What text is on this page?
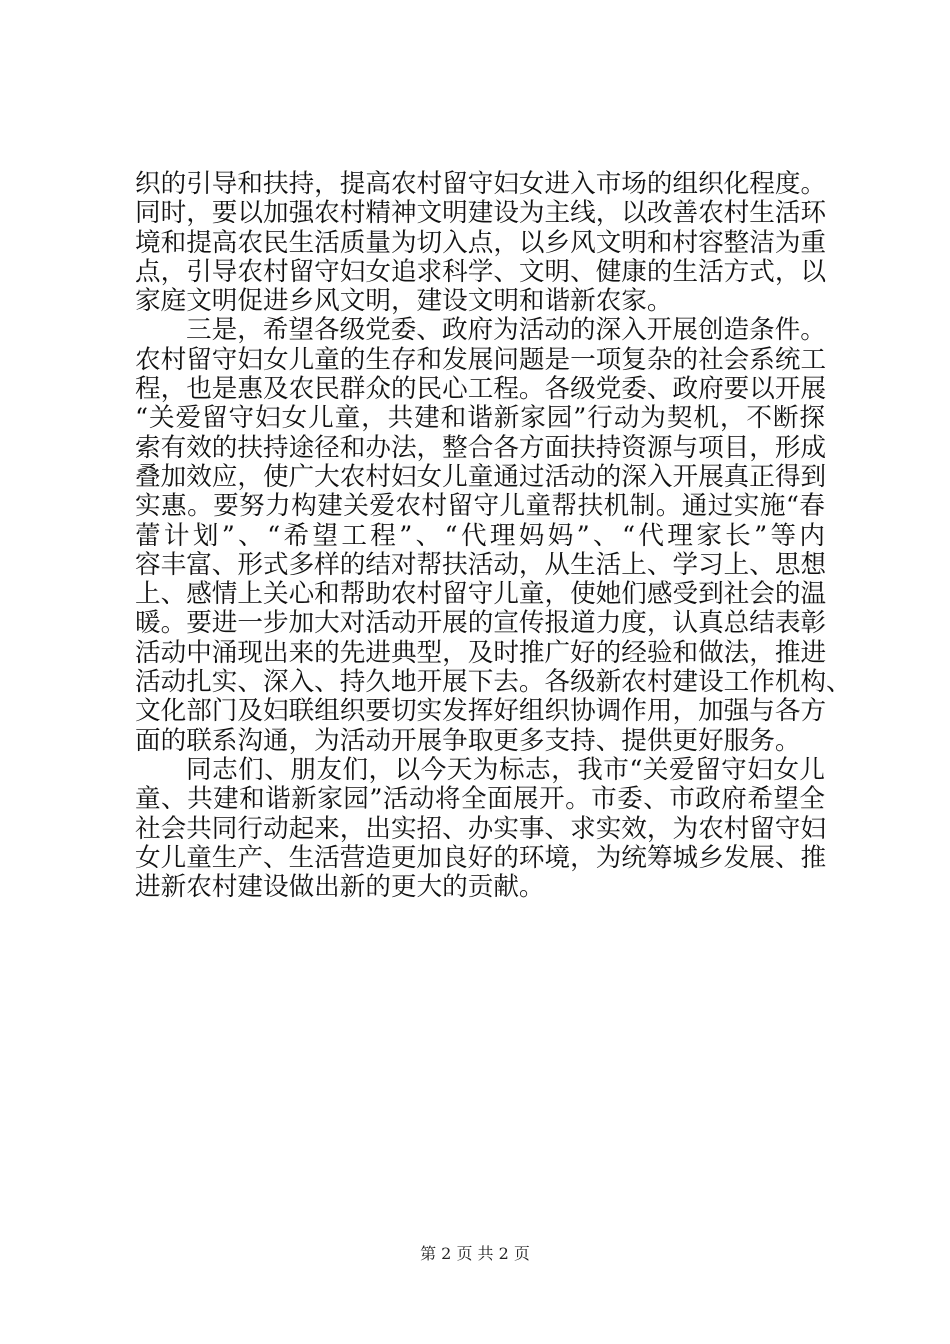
织的引导和扶持，提高农村留守妇女进入市场的组织化程度。
同时，要以加强农村精神文明建设为主线，以改善农村生活环
境和提高农民生活质量为切入点，以乡风文明和村容整洁为重
点，引导农村留守妇女追求科学、文明、健康的生活方式，以
家庭文明促进乡风文明，建设文明和谐新农家。
三是，希望各级党委、政府为活动的深入开展创造条件。
农村留守妇女儿童的生存和发展问题是一项复杂的社会系统工
程，也是惠及农民群众的民心工程。各级党委、政府要以开展
“关爱留守妇女儿童，共建和谐新家园”行动为契机，不断探
索有效的扶持途径和办法，整合各方面扶持资源与项目，形成
叠加效应，使广大农村妇女儿童通过活动的深入开展真正得到
实惠。要努力构建关爱农村留守儿童帮扶机制。通过实施“春
蕾计划”、“希望工程”、“代理妈妈”、“代理家长”等内
容丰富、形式多样的结对帮扶活动，从生活上、学习上、思想
上、感情上关心和帮助农村留守儿童，使她们感受到社会的温
暖。要进一步加大对活动开展的宣传报道力度，认真总结表彰
活动中涌现出来的先进典型，及时推广好的经验和做法，推进
活动扎实、深入、持久地开展下去。各级新农村建设工作机构、
文化部门及妇联组织要切实发挥好组织协调作用，加强与各方
面的联系沟通，为活动开展争取更多支持、提供更好服务。
同志们、朋友们，以今天为标志，我市“关爱留守妇女儿
童、共建和谐新家园”活动将全面展开。市委、市政府希望全
社会共同行动起来，出实招、办实事、求实效，为农村留守妇
女儿童生产、生活营造更加良好的环境，为统筹城乡发展、推
进新农村建设做出新的更大的贡献。
第 2 页 共 2 页
